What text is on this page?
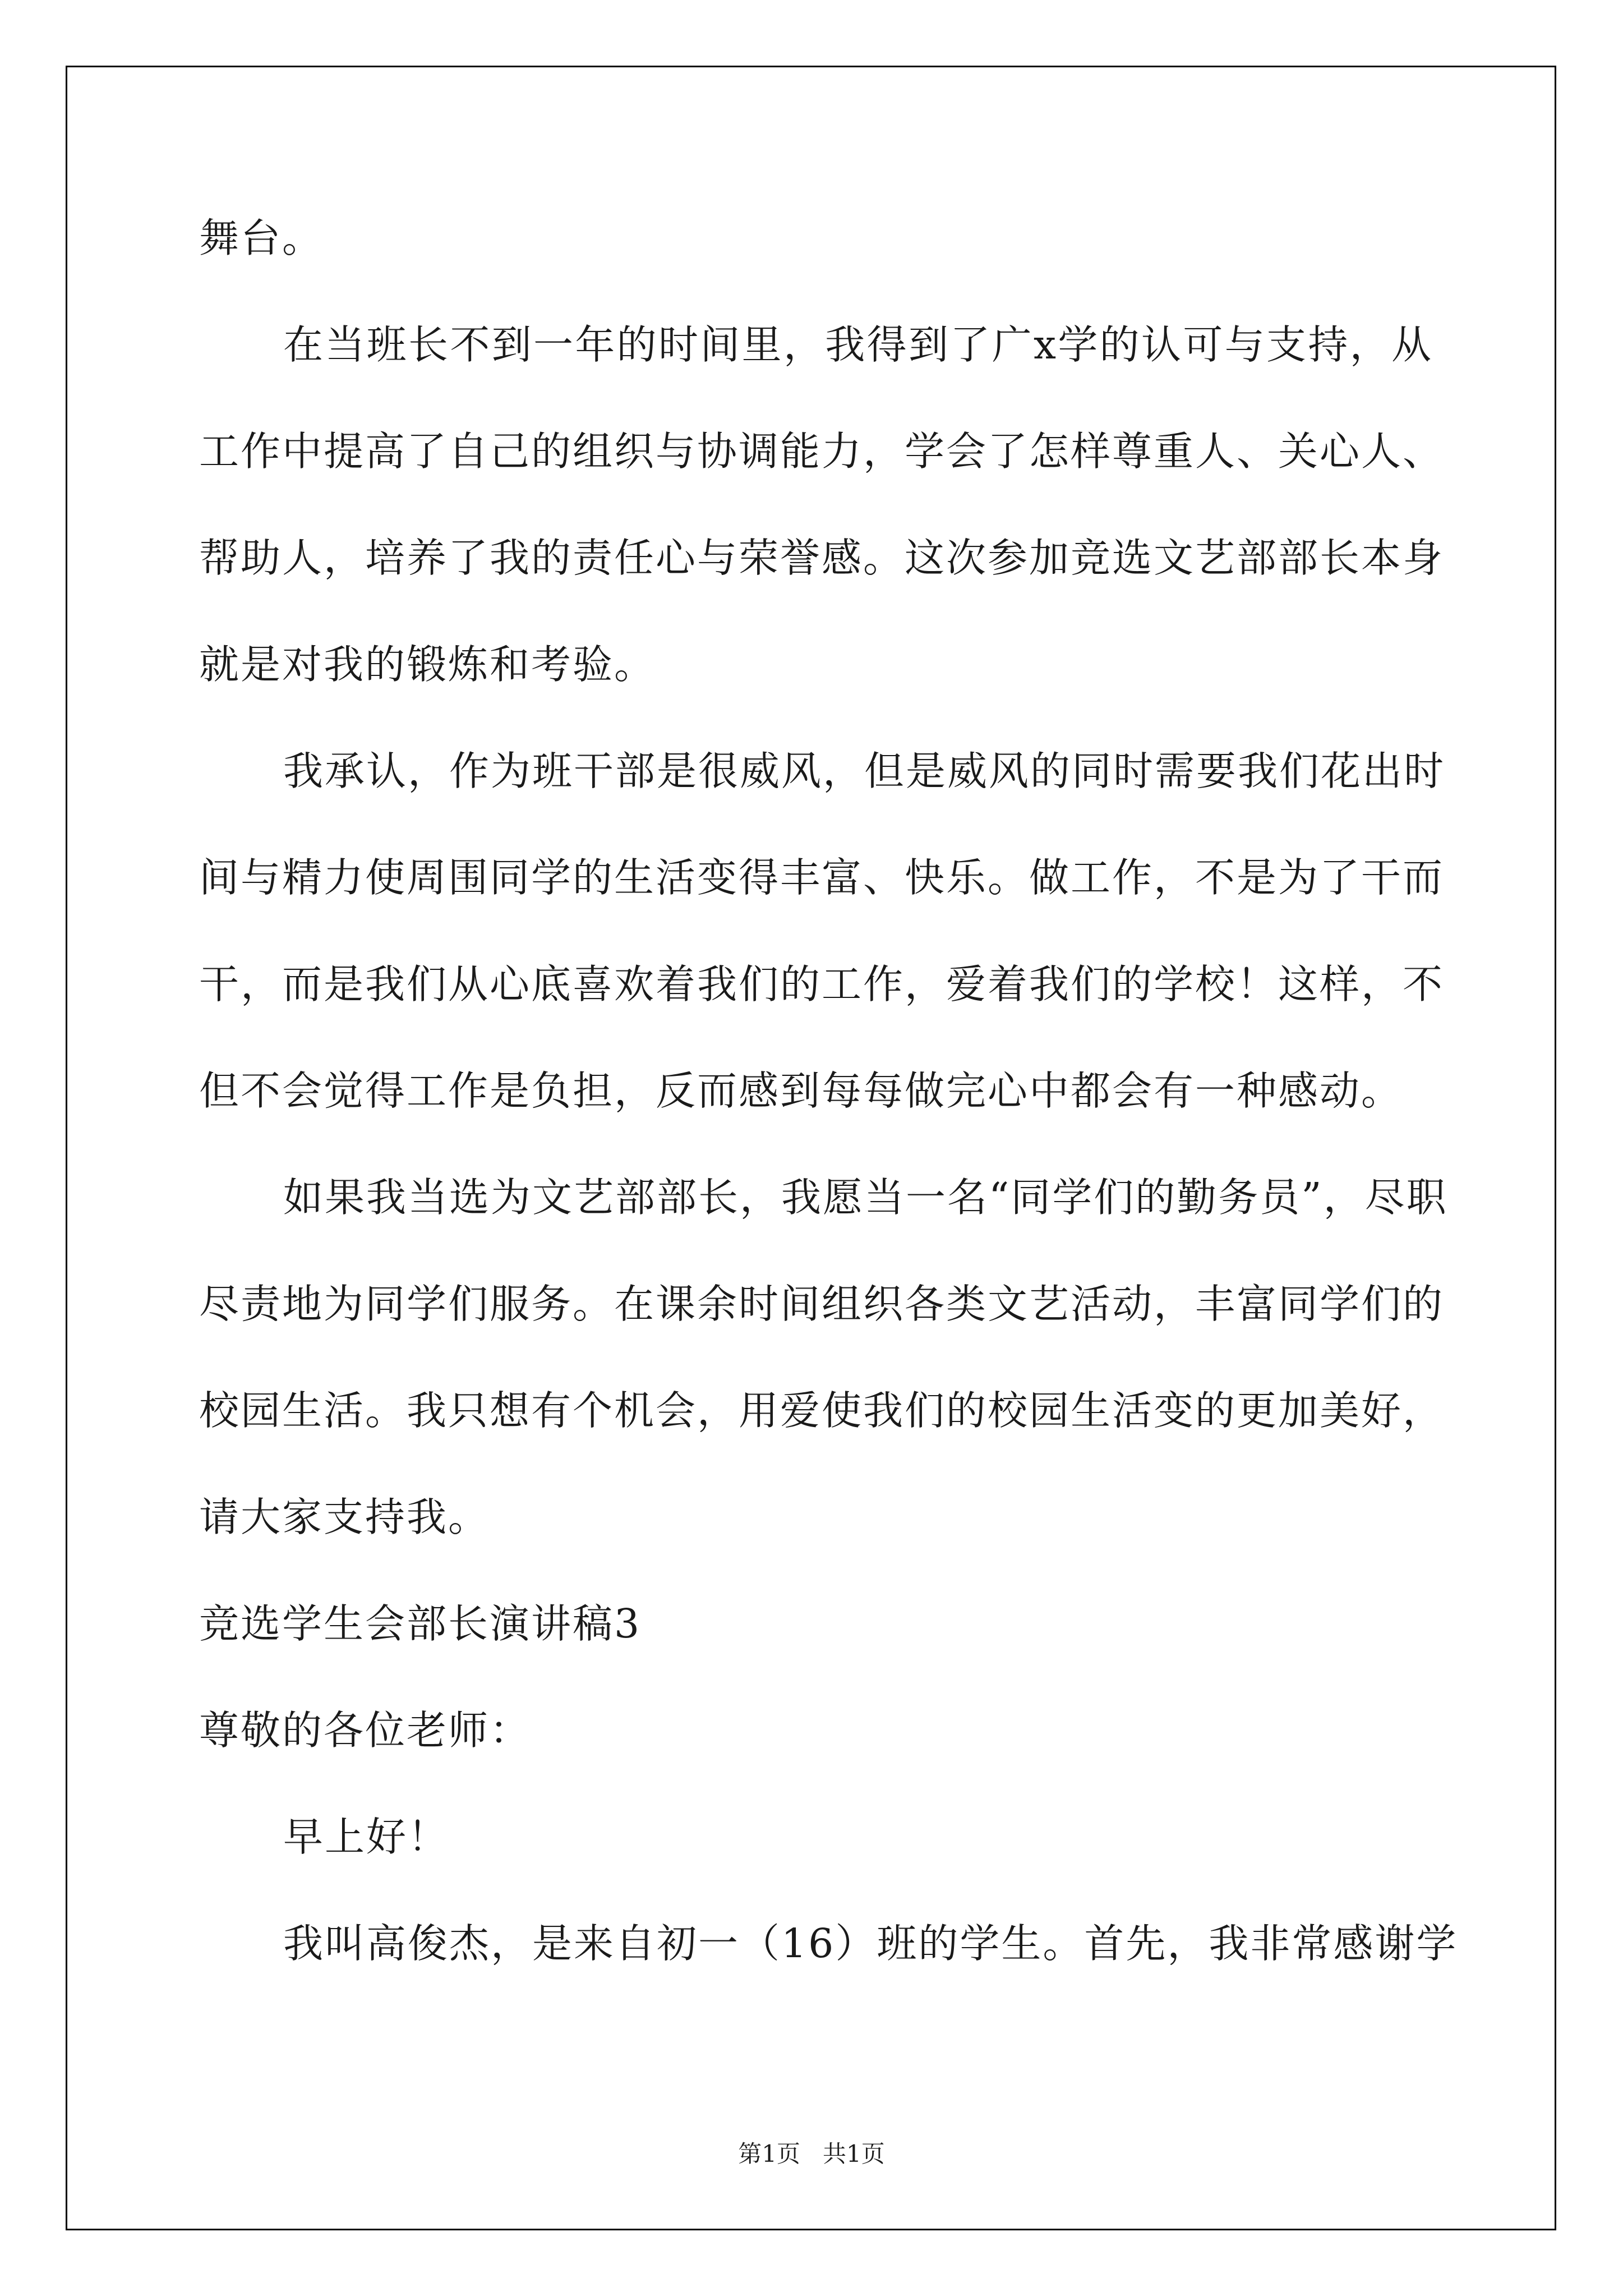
舞台。
在当班长不到一年的时间里，我得到了广x学的认可与支持，从
工作中提高了自己的组织与协调能力，学会了怎样尊重人、关心人、
帮助人，培养了我的责任心与荣誉感。这次参加竞选文艺部部长本身
就是对我的锻炼和考验。
我承认，作为班干部是很威风，但是威风的同时需要我们花出时
间与精力使周围同学的生活变得丰富、快乐。做工作，不是为了干而
干，而是我们从心底喜欢着我们的工作，爱着我们的学校！这样，不
但不会觉得工作是负担，反而感到每每做完心中都会有一种感动。
如果我当选为文艺部部长，我愿当一名“同学们的勤务员”，尽职
尽责地为同学们服务。在课余时间组织各类文艺活动，丰富同学们的
校园生活。我只想有个机会，用爱使我们的校园生活变的更加美好，
请大家支持我。
竞选学生会部长演讲稿3
尊敬的各位老师：
早上好！
我叫高俊杰，是来自初一（16）班的学生。首先，我非常感谢学
第1页   共1页
